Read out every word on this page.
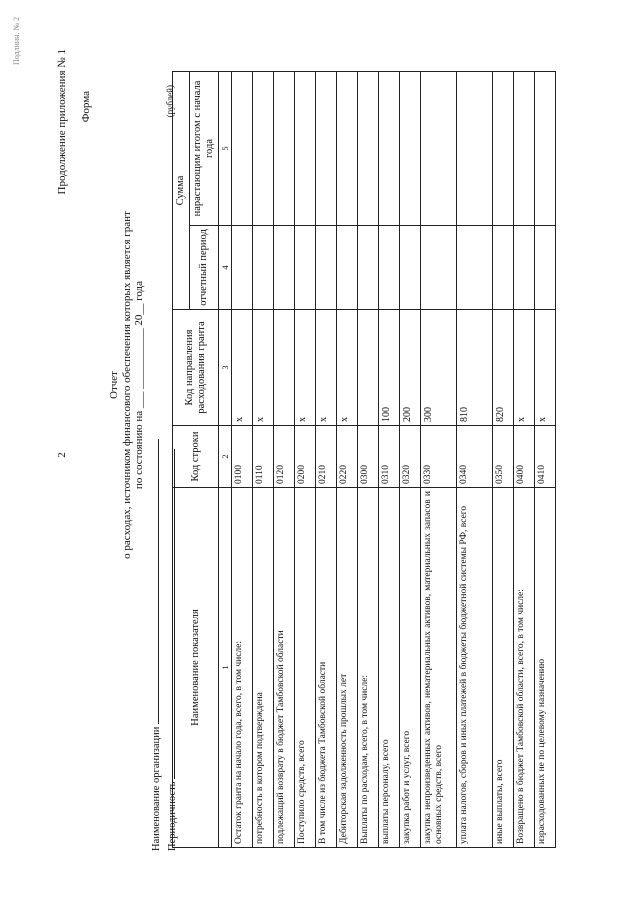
Подлинн. № 2
2
Продолжение приложения № 1 Форма
Отчет о расходах, источником финансового обеспечения которых является грант по состоянию на ___ ___________ 20__ года
Наименование организации Периодичность
(рублей)
Наименование показателя	Код строки	Код направления расходования гранта	Сумма	
			отчетный период	нарастающим итогом с начала года
1	2	3	4	5
Остаток гранта на начало года, всего, в том числе:	0100	x		
потребность в котором подтверждена	0110	x		
подлежащий возврату в бюджет Тамбовской области	0120			
Поступило средств, всего	0200	x		
В том числе из бюджета Тамбовской области	0210	x		
Дебиторская задолженность прошлых лет	0220	x		
Выплаты по расходам, всего, в том числе:	0300			
выплаты персоналу, всего	0310	100		
закупка работ и услуг, всего	0320	200		
закупка непроизведенных активов, нематериальных активов, материальных запасов и основных средств, всего	0330	300		
уплата налогов, сборов и иных платежей в бюджеты бюджетной системы РФ, всего	0340	810		
иные выплаты, всего	0350	820		
Возвращено в бюджет Тамбовской области, всего, в том числе:	0400	x		
израсходованных не по целевому назначению	0410	x		
